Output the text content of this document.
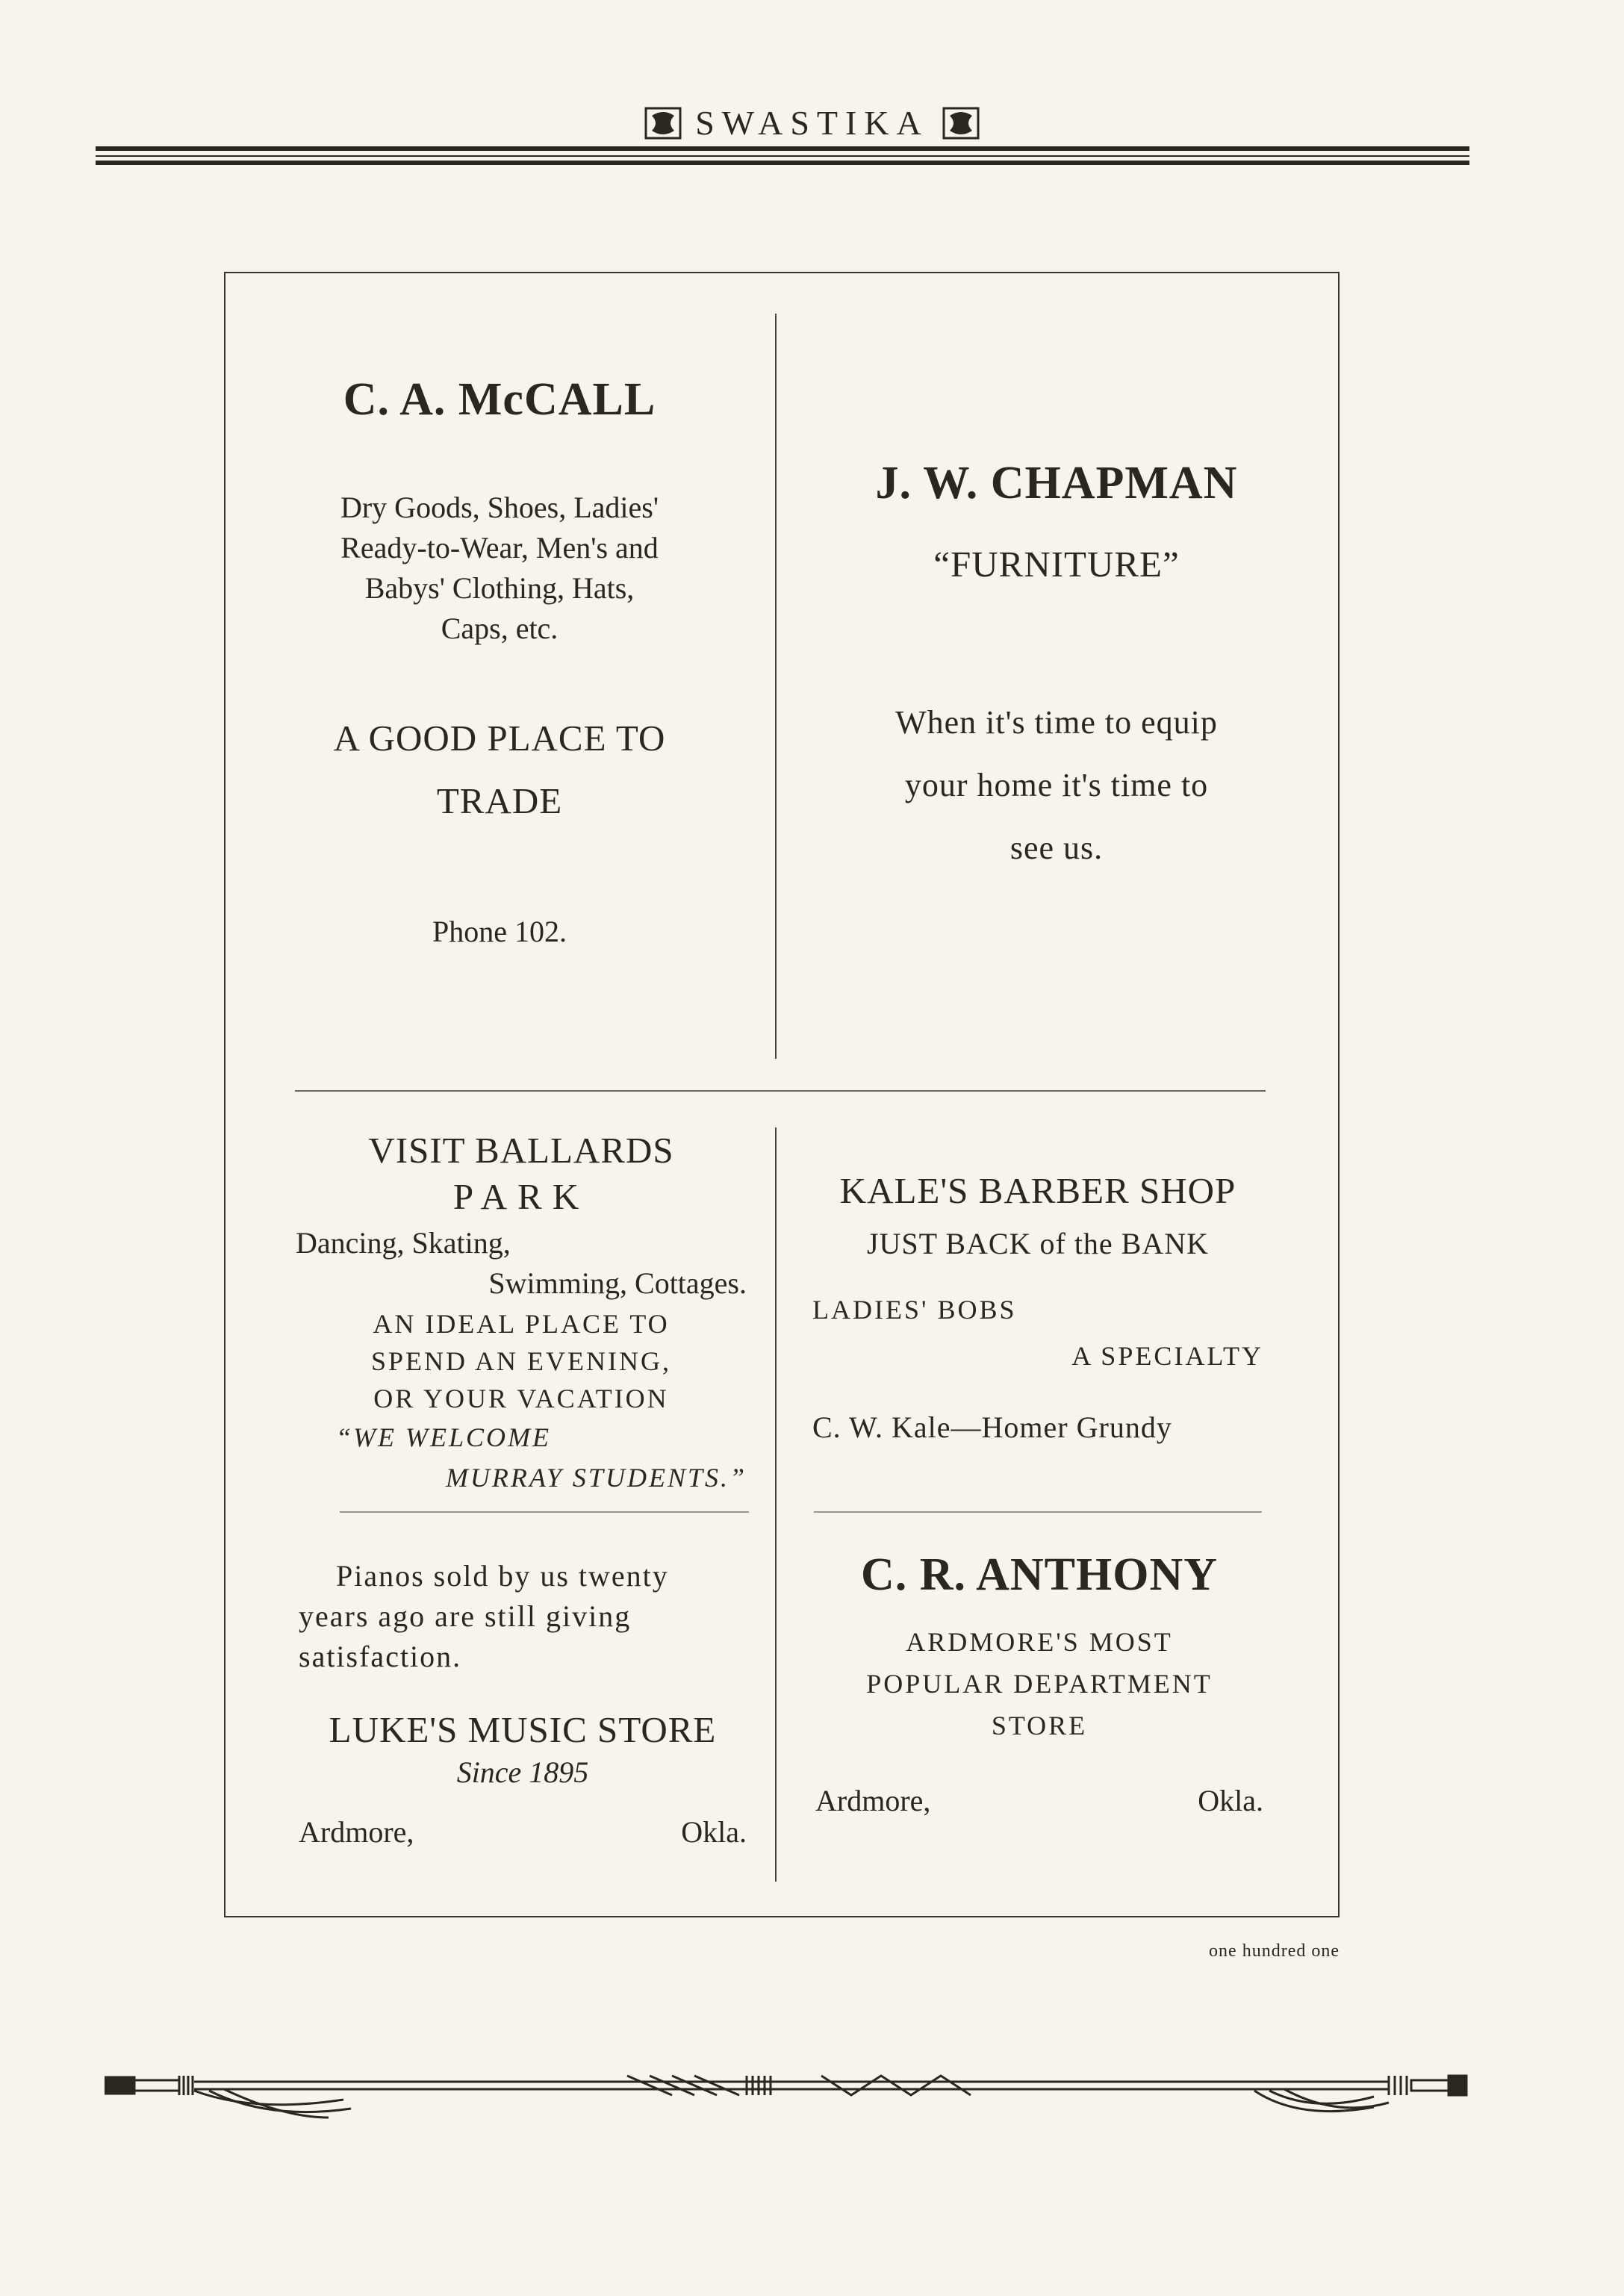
SWASTIKA
C. A. McCALL
Dry Goods, Shoes, Ladies'
Ready-to-Wear, Men's and
Babys' Clothing, Hats,
Caps, etc.
A GOOD PLACE TO
TRADE
Phone 102.
J. W. CHAPMAN
“FURNITURE”
When it's time to equip
your home it's time to
see us.
VISIT BALLARDS
PARK
Dancing, Skating,
Swimming, Cottages.
AN IDEAL PLACE TO
SPEND AN EVENING,
OR YOUR VACATION
“WE WELCOME
MURRAY STUDENTS.”
KALE'S BARBER SHOP
JUST BACK of the BANK
LADIES' BOBS
A SPECIALTY
C. W. Kale—Homer Grundy
Pianos sold by us twenty
years ago are still giving
satisfaction.
LUKE'S MUSIC STORE
Since 1895
Ardmore,	Okla.
C. R. ANTHONY
ARDMORE'S MOST
POPULAR DEPARTMENT
STORE
Ardmore,	Okla.
one hundred one
